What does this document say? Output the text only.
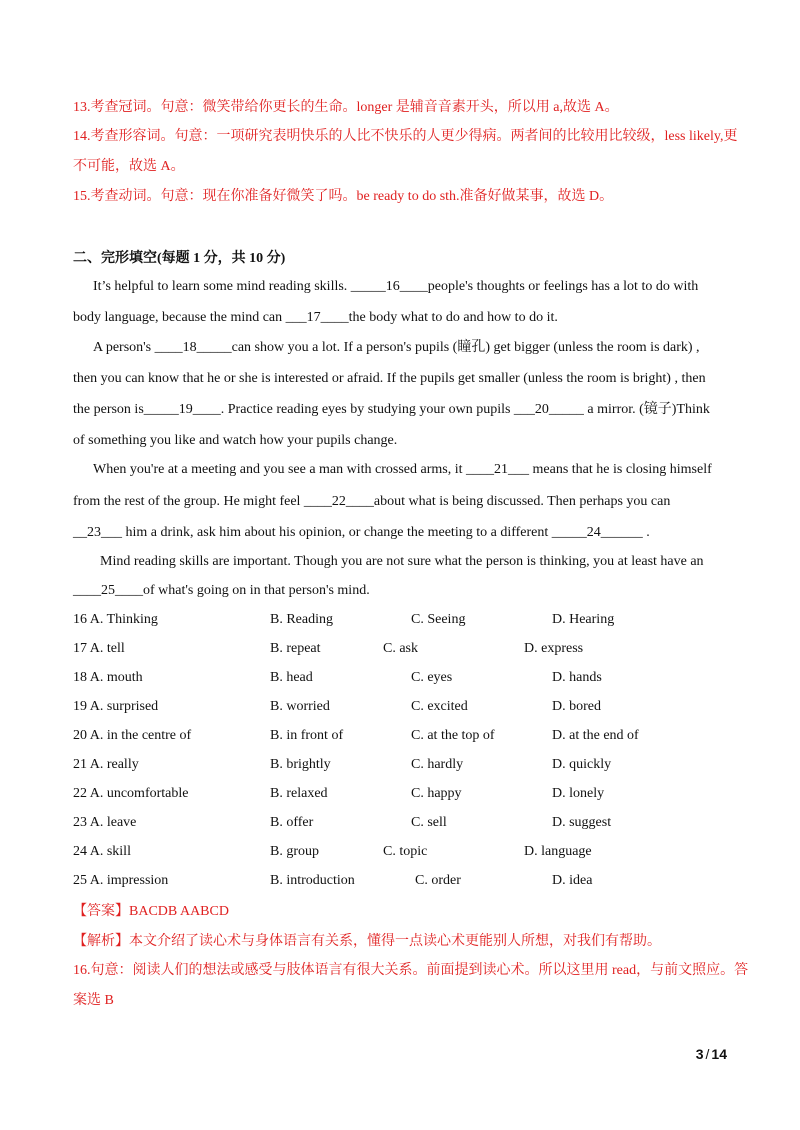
13.考查冠词。句意：微笑带给你更长的生命。longer 是辅音音素开头，所以用 a,故选 A。
14.考查形容词。句意：一项研究表明快乐的人比不快乐的人更少得病。两者间的比较用比较级，less likely,更
不可能，故选 A。
15.考查动词。句意：现在你准备好微笑了吗。be ready to do sth.准备好做某事，故选 D。
二、完形填空(每题 1 分，共 10 分)
It’s helpful to learn some mind reading skills. _____16____people's thoughts or feelings has a lot to do with
body language, because the mind can ___17____the body what to do and how to do it.
A person's ____18_____can show you a lot. If a person's pupils (瞳孔) get bigger (unless the room is dark) ,
then you can know that he or she is interested or afraid. If the pupils get smaller (unless the room is bright) , then
the person is_____19____. Practice reading eyes by studying your own pupils ___20_____ a mirror. (镜子)Think
of something you like and watch how your pupils change.
When you're at a meeting and you see a man with crossed arms, it ____21___ means that he is closing himself
from the rest of the group. He might feel ____22____about what is being discussed. Then perhaps you can
__23___ him a drink, ask him about his opinion, or change the meeting to a different _____24______ .
Mind reading skills are important. Though you are not sure what the person is thinking, you at least have an
____25____of what's going on in that person's mind.
16 A. Thinking	B. Reading	C. Seeing	D. Hearing
17 A. tell	B. repeat	C. ask	D. express
18 A. mouth	B. head	C. eyes	D. hands
19 A. surprised	B. worried	C. excited	D. bored
20 A. in the centre of	B. in front of	C. at the top of	D. at the end of
21 A. really	B. brightly	C. hardly	D. quickly
22 A. uncomfortable	B. relaxed	C. happy	D. lonely
23 A. leave	B. offer	C. sell	D. suggest
24 A. skill	B. group	C. topic	D. language
25 A. impression	B. introduction	C. order	D. idea
【答案】BACDB AABCD
【解析】本文介绍了读心术与身体语言有关系，懂得一点读心术更能别人所想，对我们有帮助。
16.句意：阅读人们的想法或感受与肢体语言有很大关系。前面提到读心术。所以这里用 read，与前文照应。答
案选 B
3 / 14
